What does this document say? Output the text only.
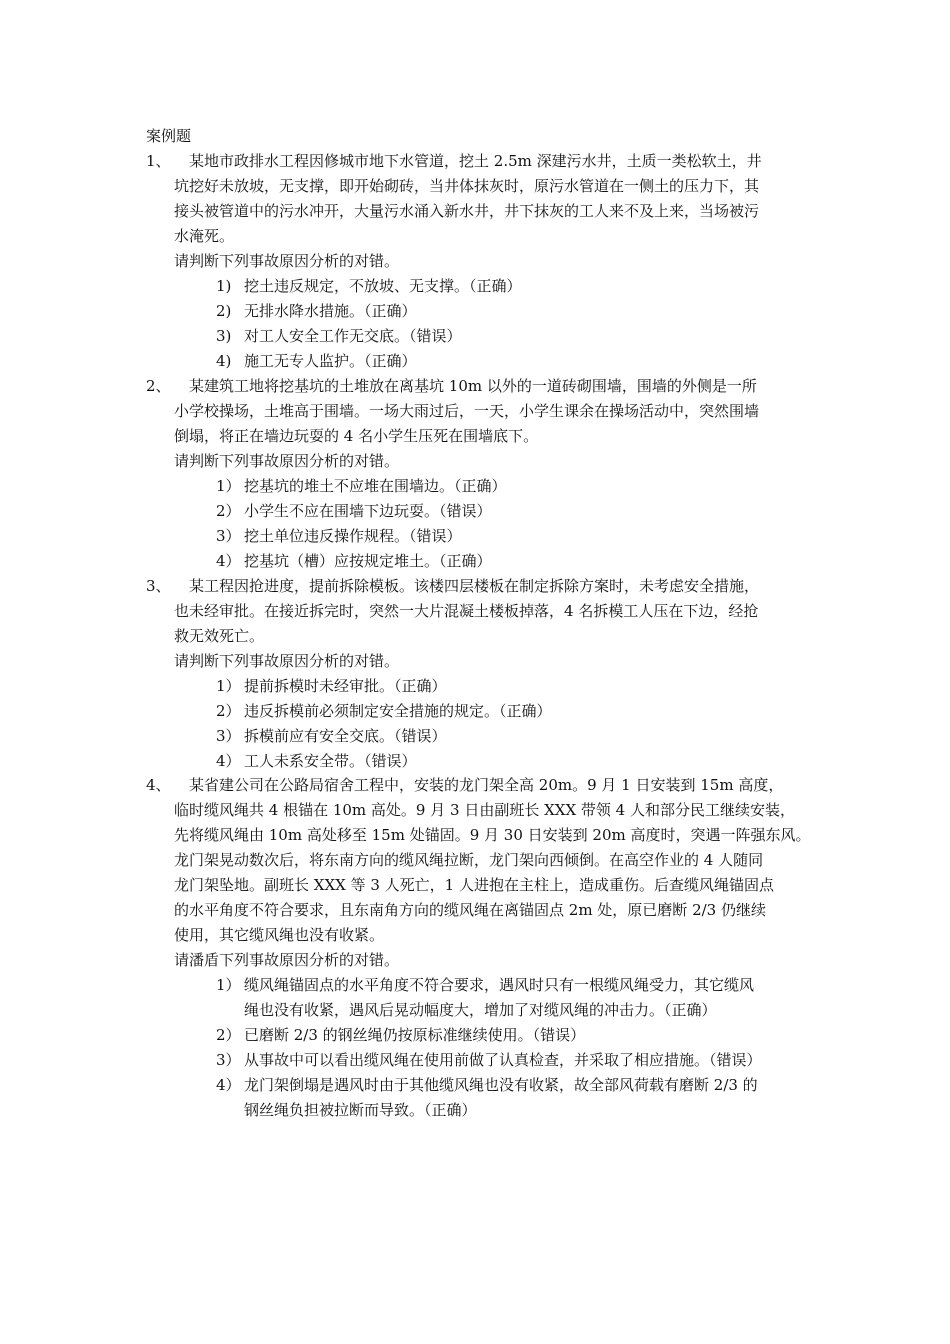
案例题
1、 　某地市政排水工程因修城市地下水管道，挖土 2.5m 深建污水井，土质一类松软土，井
坑挖好未放坡，无支撑，即开始砌砖，当井体抹灰时，原污水管道在一侧土的压力下，其
接头被管道中的污水冲开，大量污水涌入新水井，井下抹灰的工人来不及上来，当场被污
水淹死。
请判断下列事故原因分析的对错。
1) 挖土违反规定，不放坡、无支撑。（正确）
2) 无排水降水措施。（正确）
3) 对工人安全工作无交底。（错误）
4) 施工无专人监护。（正确）
2、 　某建筑工地将挖基坑的土堆放在离基坑 10m 以外的一道砖砌围墙，围墙的外侧是一所
小学校操场，土堆高于围墙。一场大雨过后，一天，小学生课余在操场活动中，突然围墙
倒塌，将正在墙边玩耍的 4 名小学生压死在围墙底下。
请判断下列事故原因分析的对错。
1） 挖基坑的堆土不应堆在围墙边。（正确）
2） 小学生不应在围墙下边玩耍。（错误）
3） 挖土单位违反操作规程。（错误）
4） 挖基坑（槽）应按规定堆土。（正确）
3、 　某工程因抢进度，提前拆除模板。该楼四层楼板在制定拆除方案时，未考虑安全措施，
也未经审批。在接近拆完时，突然一大片混凝土楼板掉落，4 名拆模工人压在下边，经抢
救无效死亡。
请判断下列事故原因分析的对错。
1） 提前拆模时未经审批。（正确）
2） 违反拆模前必须制定安全措施的规定。（正确）
3） 拆模前应有安全交底。（错误）
4） 工人未系安全带。（错误）
4、 　某省建公司在公路局宿舍工程中，安装的龙门架全高 20m。9 月 1 日安装到 15m 高度，
临时缆风绳共 4 根锚在 10m 高处。9 月 3 日由副班长 XXX 带领 4 人和部分民工继续安装，
先将缆风绳由 10m 高处移至 15m 处锚固。9 月 30 日安装到 20m 高度时，突遇一阵强东风。
龙门架晃动数次后，将东南方向的缆风绳拉断，龙门架向西倾倒。在高空作业的 4 人随同
龙门架坠地。副班长 XXX 等 3 人死亡，1 人进抱在主柱上，造成重伤。后查缆风绳锚固点
的水平角度不符合要求，且东南角方向的缆风绳在离锚固点 2m 处，原已磨断 2/3 仍继续
使用，其它缆风绳也没有收紧。
请潘盾下列事故原因分析的对错。
1） 缆风绳锚固点的水平角度不符合要求，遇风时只有一根缆风绳受力，其它缆风
绳也没有收紧，遇风后晃动幅度大，增加了对缆风绳的冲击力。（正确）
2） 已磨断 2/3 的钢丝绳仍按原标准继续使用。（错误）
3） 从事故中可以看出缆风绳在使用前做了认真检查，并采取了相应措施。（错误）
4） 龙门架倒塌是遇风时由于其他缆风绳也没有收紧，故全部风荷载有磨断 2/3 的
钢丝绳负担被拉断而导致。（正确）
